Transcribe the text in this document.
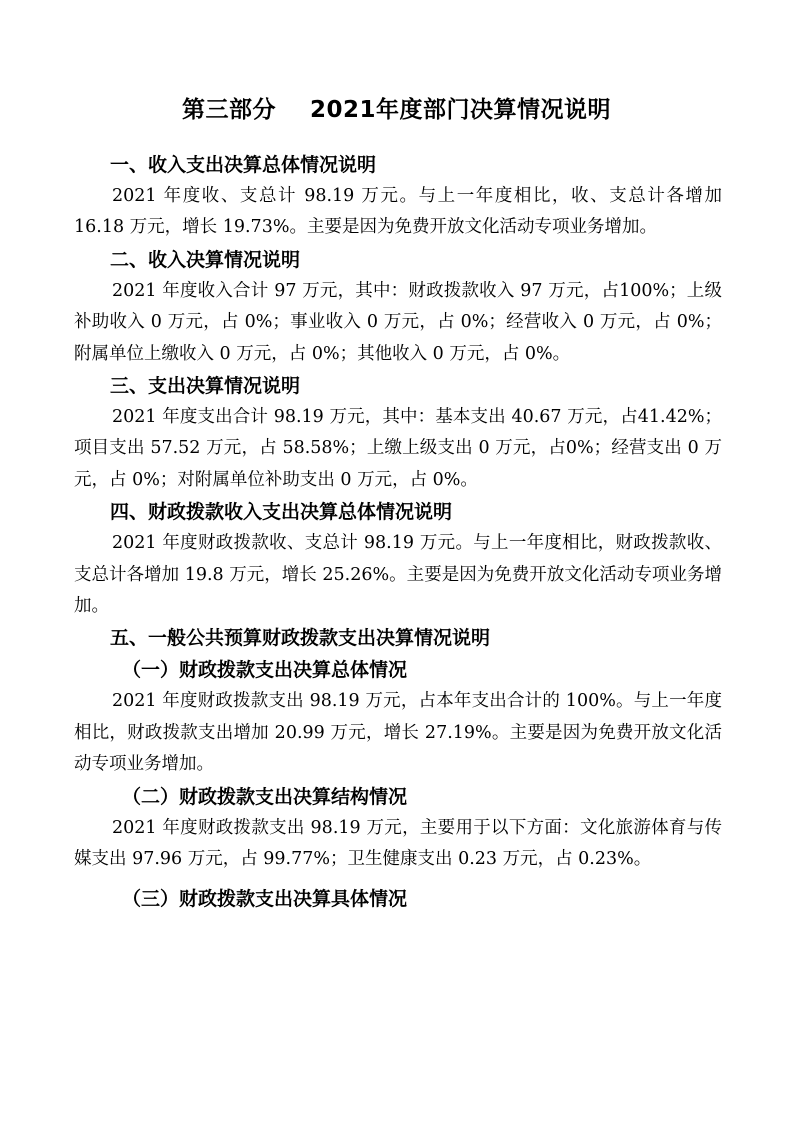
第三部分 2021年度部门决算情况说明
一、收入支出决算总体情况说明

2021 年度收、支总计 98.19 万元。与上一年度相比，收、支总计各增加 16.18 万元，增长 19.73%。主要是因为免费开放文化活动专项业务增加。

二、收入决算情况说明

2021 年度收入合计 97 万元，其中：财政拨款收入 97 万元，占100%；上级补助收入 0 万元，占 0%；事业收入 0 万元，占 0%；经营收入 0 万元，占 0%；附属单位上缴收入 0 万元，占 0%；其他收入 0 万元，占 0%。

三、支出决算情况说明

2021 年度支出合计 98.19 万元，其中：基本支出 40.67 万元，占41.42%；项目支出 57.52 万元，占 58.58%；上缴上级支出 0 万元，占0%；经营支出 0 万元，占 0%；对附属单位补助支出 0 万元，占 0%。

四、财政拨款收入支出决算总体情况说明

2021 年度财政拨款收、支总计 98.19 万元。与上一年度相比，财政拨款收、支总计各增加 19.8 万元，增长 25.26%。主要是因为免费开放文化活动专项业务增加。

五、一般公共预算财政拨款支出决算情况说明
（一）财政拨款支出决算总体情况

2021 年度财政拨款支出 98.19 万元，占本年支出合计的 100%。与上一年度相比，财政拨款支出增加 20.99 万元，增长 27.19%。主要是因为免费开放文化活动专项业务增加。

（二）财政拨款支出决算结构情况

2021 年度财政拨款支出 98.19 万元，主要用于以下方面：文化旅游体育与传媒支出 97.96 万元，占 99.77%；卫生健康支出 0.23 万元，占 0.23%。

（三）财政拨款支出决算具体情况
